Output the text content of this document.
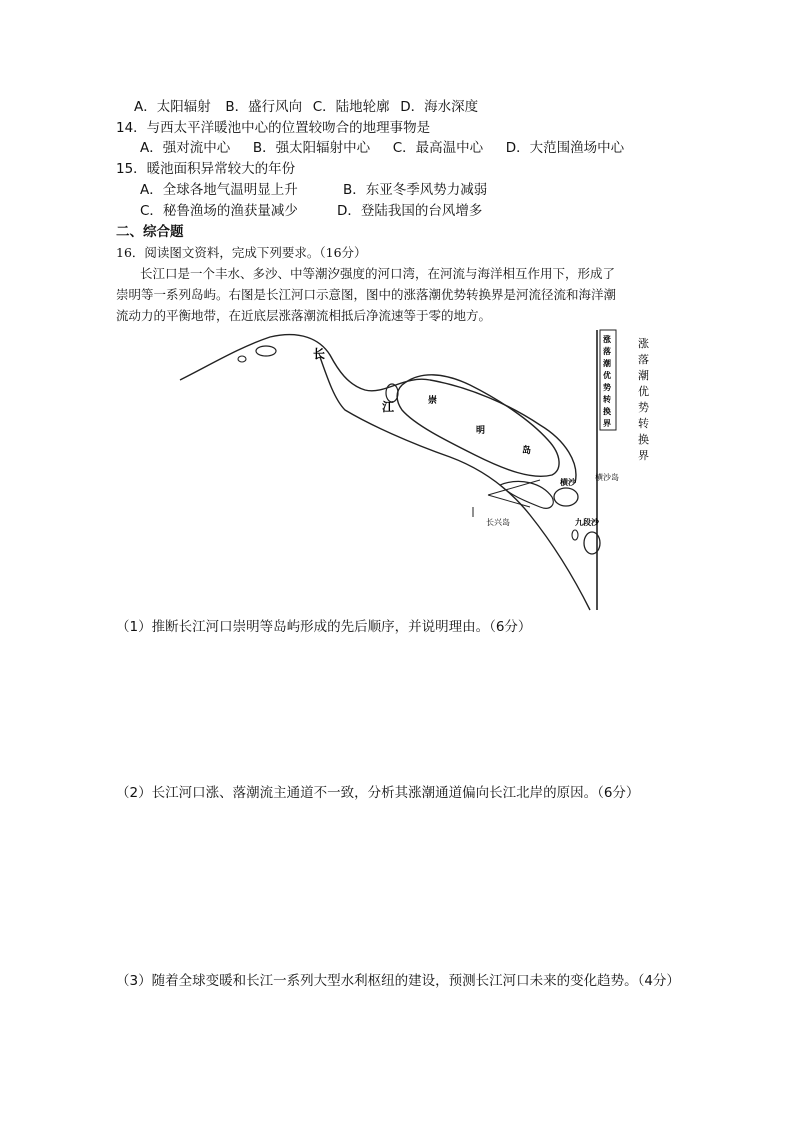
A．太阳辐射 B．盛行风向 C．陆地轮廓 D．海水深度
14．与西太平洋暖池中心的位置较吻合的地理事物是
A．强对流中心 B．强太阳辐射中心 C．最高温中心 D．大范围渔场中心
15．暖池面积异常较大的年份
A．全球各地气温明显上升	B．东亚冬季风势力减弱
C．秘鲁渔场的渔获量减少	D．登陆我国的台风增多
二、综合题
16．阅读图文资料，完成下列要求。（16分）
长江口是一个丰水、多沙、中等潮汐强度的河口湾，在河流与海洋相互作用下，形成了
崇明等一系列岛屿。右图是长江河口示意图，图中的涨落潮优势转换界是河流径流和海洋潮
流动力的平衡地带，在近底层涨落潮流相抵后净流速等于零的地方。
长
江	崇
明
岛
横沙
横沙岛
长兴岛	九段沙
涨
落
潮
优
势
转
换
界
涨
落
潮
优
势
转
换
界
（1）推断长江河口崇明等岛屿形成的先后顺序，并说明理由。（6分）
（2）长江河口涨、落潮流主通道不一致，分析其涨潮通道偏向长江北岸的原因。（6分）
（3）随着全球变暖和长江一系列大型水利枢纽的建设，预测长江河口未来的变化趋势。（4分）
